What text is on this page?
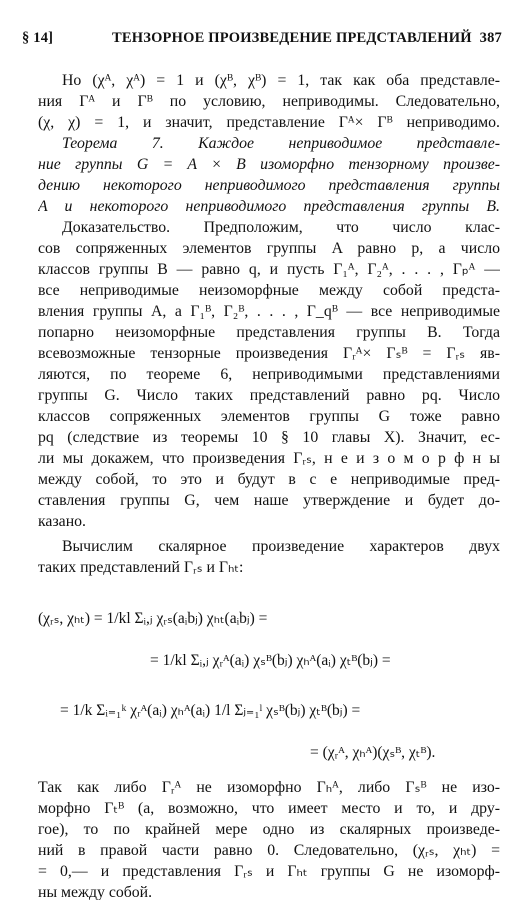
§ 14]	ТЕНЗОРНОЕ ПРОИЗВЕДЕНИЕ ПРЕДСТАВЛЕНИЙ 387
Но (χᴬ, χᴬ) = 1 и (χᴮ, χᴮ) = 1, так как оба представле-
ния Γᴬ и Γᴮ по условию, неприводимы. Следовательно,
(χ, χ) = 1, и значит, представление Γᴬ× Γᴮ неприводимо.
Теорема 7. Каждое неприводимое представле-
ние группы G = A × B изоморфно тензорному произве-
дению некоторого неприводимого представления группы
A и некоторого неприводимого представления группы B.
Доказательство. Предположим, что число клас-
сов сопряженных элементов группы A равно p, а число
классов группы B — равно q, и пусть Γ₁ᴬ, Γ₂ᴬ, . . . , Γₚᴬ —
все неприводимые неизоморфные между собой предста-
вления группы A, а Γ₁ᴮ, Γ₂ᴮ, . . . , Γ_qᴮ — все неприводимые
попарно неизоморфные представления группы B. Тогда
всевозможные тензорные произведения Γᵣᴬ× Γₛᴮ = Γᵣₛ яв-
ляются, по теореме 6, неприводимыми представлениями
группы G. Число таких представлений равно pq. Число
классов сопряженных элементов группы G тоже равно
pq (следствие из теоремы 10 § 10 главы X). Значит, ес-
ли мы докажем, что произведения Γᵣₛ, н е и з о м о р ф н ы
между собой, то это и будут в с е неприводимые пред-
ставления группы G, чем наше утверждение и будет до-
казано.
Вычислим скалярное произведение характеров двух
таких представлений Γᵣₛ и Γₕₜ:
(χᵣₛ, χₕₜ) = 1/kl Σᵢ,ⱼ χᵣₛ(aᵢbⱼ) χₕₜ(aᵢbⱼ) =
= 1/kl Σᵢ,ⱼ χᵣᴬ(aᵢ) χₛᴮ(bⱼ) χₕᴬ(aᵢ) χₜᴮ(bⱼ) =
= 1/k Σᵢ₌₁ᵏ χᵣᴬ(aᵢ) χₕᴬ(aᵢ) 1/l Σⱼ₌₁ˡ χₛᴮ(bⱼ) χₜᴮ(bⱼ) =
= (χᵣᴬ, χₕᴬ)(χₛᴮ, χₜᴮ).
Так как либо Γᵣᴬ не изоморфно Γₕᴬ, либо Γₛᴮ не изо-
морфно Γₜᴮ (а, возможно, что имеет место и то, и дру-
гое), то по крайней мере одно из скалярных произведе-
ний в правой части равно 0. Следовательно, (χᵣₛ, χₕₜ) =
= 0,— и представления Γᵣₛ и Γₕₜ группы G не изоморф-
ны между собой.
